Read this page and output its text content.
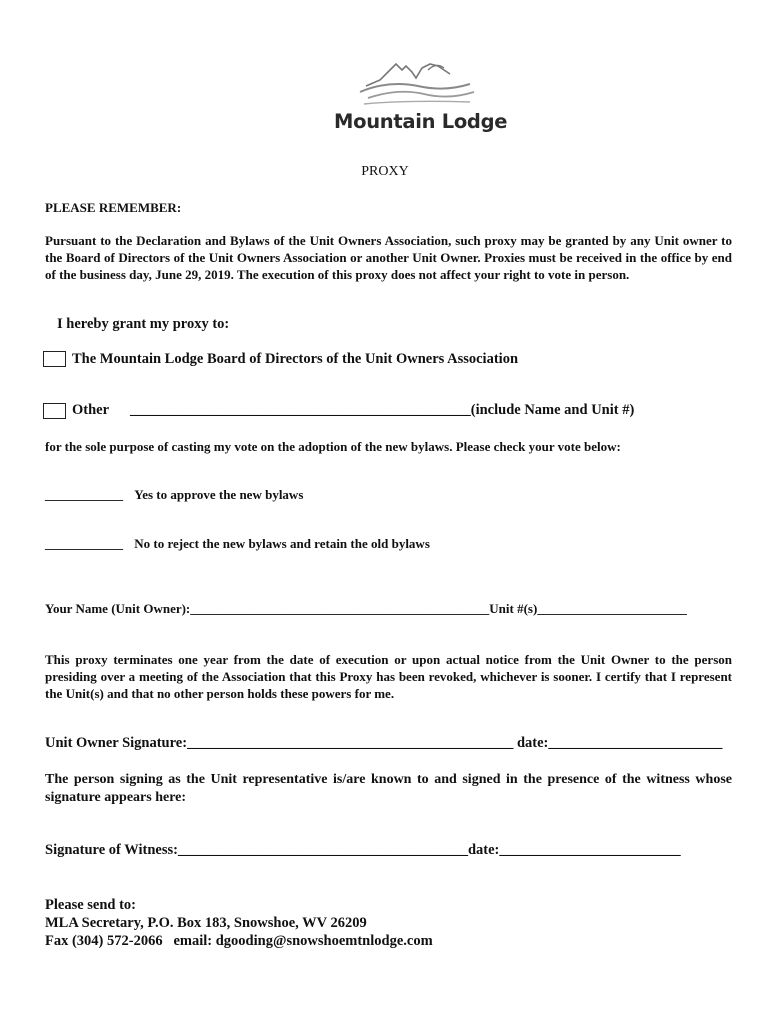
Mountain Lodge
PROXY
PLEASE REMEMBER:
Pursuant to the Declaration and Bylaws of the Unit Owners Association, such proxy may be granted by any Unit owner to the Board of Directors of the Unit Owners Association or another Unit Owner. Proxies must be received in the office by end of the business day, June 29, 2019. The execution of this proxy does not affect your right to vote in person.
I hereby grant my proxy to:
The Mountain Lodge Board of Directors of the Unit Owners Association
Other _______________________________________________(include Name and Unit #)
for the sole purpose of casting my vote on the adoption of the new bylaws. Please check your vote below:
____________ Yes to approve the new bylaws
____________ No to reject the new bylaws and retain the old bylaws
Your Name (Unit Owner):______________________________________________Unit #(s)_______________________
This proxy terminates one year from the date of execution or upon actual notice from the Unit Owner to the person presiding over a meeting of the Association that this Proxy has been revoked, whichever is sooner. I certify that I represent the Unit(s) and that no other person holds these powers for me.
Unit Owner Signature:_____________________________________________ date:________________________
The person signing as the Unit representative is/are known to and signed in the presence of the witness whose signature appears here:
Signature of Witness:________________________________________date:_________________________
Please send to:
MLA Secretary, P.O. Box 183, Snowshoe, WV 26209
Fax (304) 572-2066   email: dgooding@snowshoemtnlodge.com
